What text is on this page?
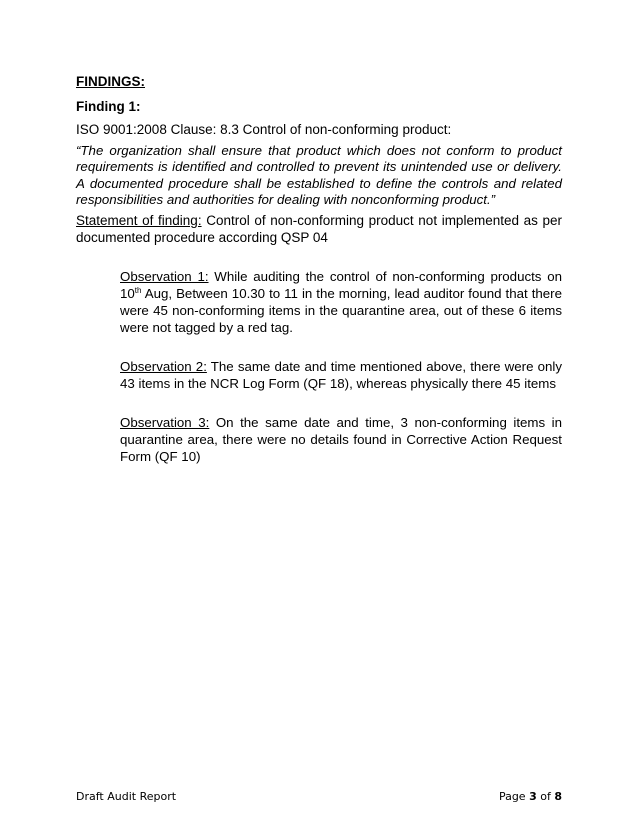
FINDINGS:
Finding 1:
ISO 9001:2008 Clause: 8.3 Control of non-conforming product:
“The organization shall ensure that product which does not conform to product requirements is identified and controlled to prevent its unintended use or delivery. A documented procedure shall be established to define the controls and related responsibilities and authorities for dealing with nonconforming product.”
Statement of finding: Control of non-conforming product not implemented as per documented procedure according QSP 04
Observation 1: While auditing the control of non-conforming products on 10th Aug, Between 10.30 to 11 in the morning, lead auditor found that there were 45 non-conforming items in the quarantine area, out of these 6 items were not tagged by a red tag.
Observation 2: The same date and time mentioned above, there were only 43 items in the NCR Log Form (QF 18), whereas physically there 45 items
Observation 3: On the same date and time, 3 non-conforming items in quarantine area, there were no details found in Corrective Action Request Form (QF 10)
Draft Audit Report	Page 3 of 8
